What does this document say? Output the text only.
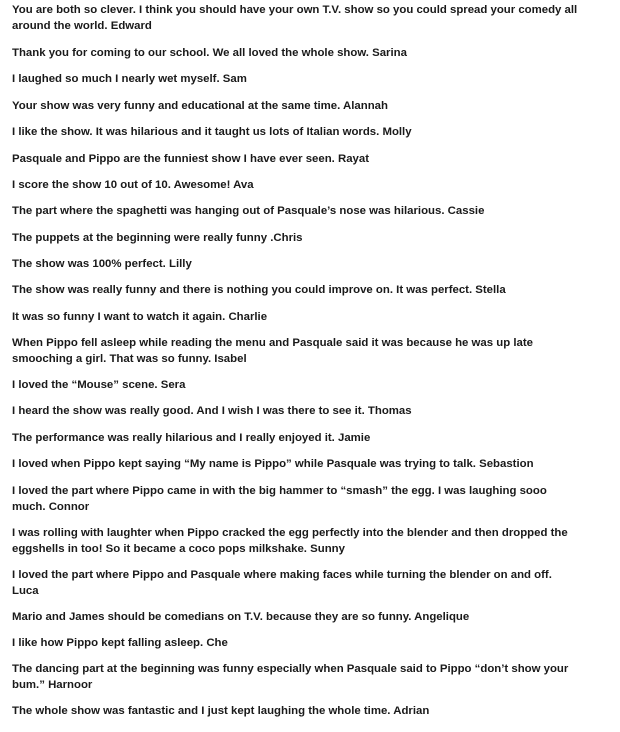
You are both so clever. I think you should have your own T.V. show so you could spread your comedy all
around the world. Edward
Thank you for coming to our school. We all loved the whole show. Sarina
I laughed so much I nearly wet myself. Sam
Your show was very funny and educational at the same time. Alannah
I like the show. It was hilarious and it taught us lots of Italian words. Molly
Pasquale and Pippo are the funniest show I have ever seen. Rayat
I score the show 10 out of 10. Awesome! Ava
The part where the spaghetti was hanging out of Pasquale’s nose was hilarious. Cassie
The puppets at the beginning were really funny .Chris
The show was 100% perfect. Lilly
The show was really funny and there is nothing you could improve on. It was perfect. Stella
It was so funny I want to watch it again. Charlie
When Pippo fell asleep while reading the menu and Pasquale said it was because he was up late
smooching a girl. That was so funny. Isabel
I loved the “Mouse” scene. Sera
I heard the show was really good. And I wish I was there to see it. Thomas
The performance was really hilarious and I really enjoyed it. Jamie
I loved when Pippo kept saying “My name is Pippo” while Pasquale was trying to talk. Sebastion
I loved the part where Pippo came in with the big hammer to “smash” the egg. I was laughing sooo
much. Connor
I was rolling with laughter when Pippo cracked the egg perfectly into the blender and then dropped the
eggshells in too! So it became a coco pops milkshake. Sunny
I loved the part where Pippo and Pasquale where making faces while turning the blender on and off.
Luca
Mario and James should be comedians on T.V. because they are so funny. Angelique
I like how Pippo kept falling asleep. Che
The dancing part at the beginning was funny especially when Pasquale said to Pippo “don’t show your
bum.” Harnoor
The whole show was fantastic and I just kept laughing the whole time. Adrian
